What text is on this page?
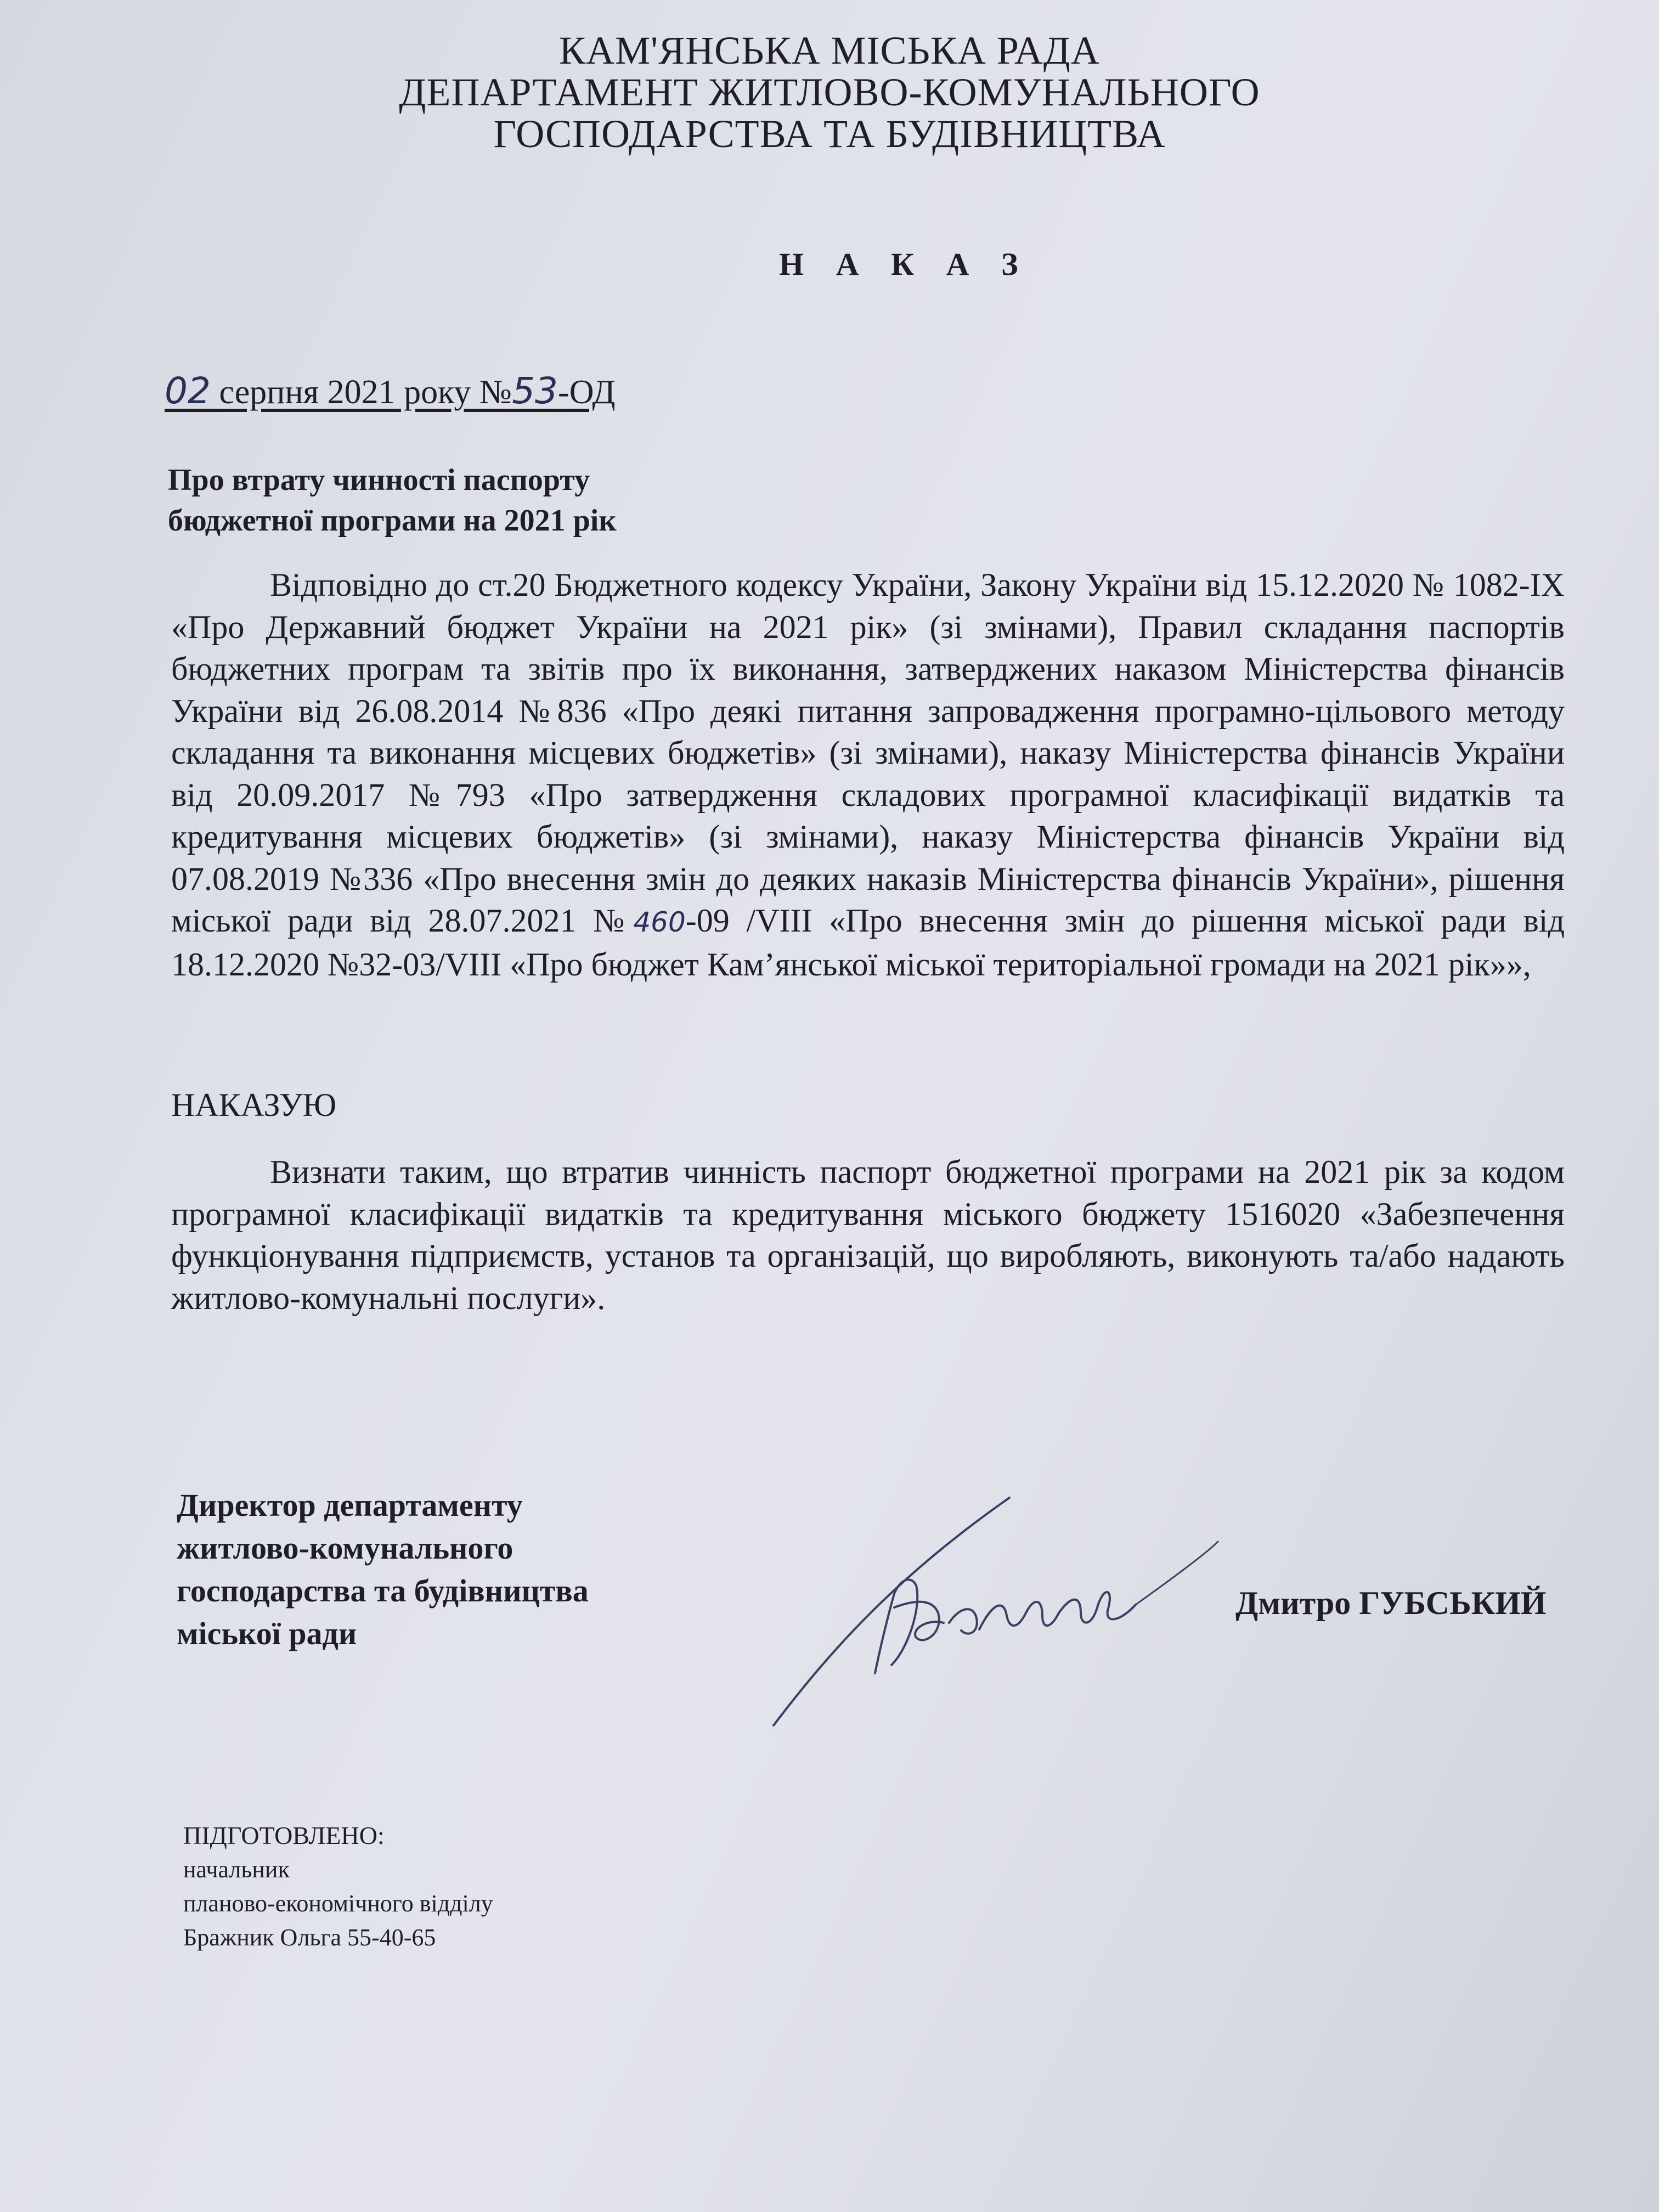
КАМ'ЯНСЬКА МІСЬКА РАДА
ДЕПАРТАМЕНТ ЖИТЛОВО-КОМУНАЛЬНОГО
ГОСПОДАРСТВА ТА БУДІВНИЦТВА
Н А К А З
02 серпня 2021 року №53-ОД
Про втрату чинності паспорту
бюджетної програми на 2021 рік
Відповідно до ст.20 Бюджетного кодексу України, Закону України від 15.12.2020 № 1082-IX «Про Державний бюджет України на 2021 рік» (зі змінами), Правил складання паспортів бюджетних програм та звітів про їх виконання, затверджених наказом Міністерства фінансів України від 26.08.2014 №836 «Про деякі питання запровадження програмно-цільового методу складання та виконання місцевих бюджетів» (зі змінами), наказу Міністерства фінансів України від 20.09.2017 №793 «Про затвердження складових програмної класифікації видатків та кредитування місцевих бюджетів» (зі змінами), наказу Міністерства фінансів України від 07.08.2019 №336 «Про внесення змін до деяких наказів Міністерства фінансів України», рішення міської ради від 28.07.2021 №460-09 /VIII «Про внесення змін до рішення міської ради від 18.12.2020 №32-03/VIII «Про бюджет Кам’янської міської територіальної громади на 2021 рік»»,
НАКАЗУЮ
Визнати таким, що втратив чинність паспорт бюджетної програми на 2021 рік за кодом програмної класифікації видатків та кредитування міського бюджету 1516020 «Забезпечення функціонування підприємств, установ та організацій, що виробляють, виконують та/або надають житлово-комунальні послуги».
Директор департаменту
житлово-комунального
господарства та будівництва
міської ради
Дмитро ГУБСЬКИЙ
ПІДГОТОВЛЕНО:
начальник
планово-економічного відділу
Бражник Ольга 55-40-65
